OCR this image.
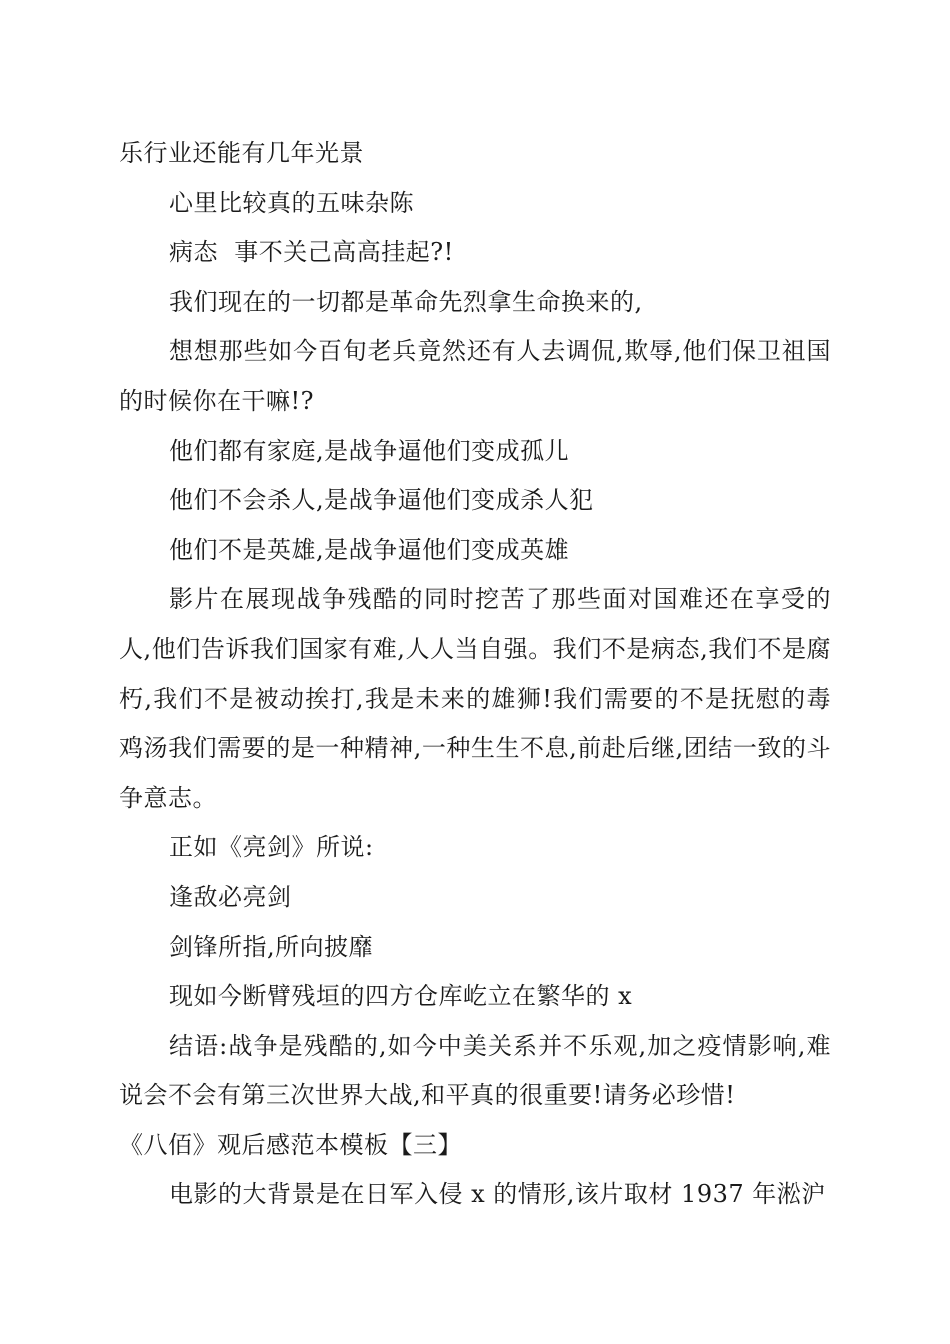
乐行业还能有几年光景

心里比较真的五味杂陈

病态  事不关己高高挂起?!

我们现在的一切都是革命先烈拿生命换来的,

想想那些如今百旬老兵竟然还有人去调侃,欺辱,他们保卫祖国的时候你在干嘛!?

他们都有家庭,是战争逼他们变成孤儿

他们不会杀人,是战争逼他们变成杀人犯

他们不是英雄,是战争逼他们变成英雄

影片在展现战争残酷的同时挖苦了那些面对国难还在享受的人,他们告诉我们国家有难,人人当自强。我们不是病态,我们不是腐朽,我们不是被动挨打,我是未来的雄狮!我们需要的不是抚慰的毒鸡汤我们需要的是一种精神,一种生生不息,前赴后继,团结一致的斗争意志。

正如《亮剑》所说:

逢敌必亮剑

剑锋所指,所向披靡

现如今断臂残垣的四方仓库屹立在繁华的 x

结语:战争是残酷的,如今中美关系并不乐观,加之疫情影响,难说会不会有第三次世界大战,和平真的很重要!请务必珍惜!

《八佰》观后感范本模板【三】

电影的大背景是在日军入侵 x 的情形,该片取材 1937 年淞沪
